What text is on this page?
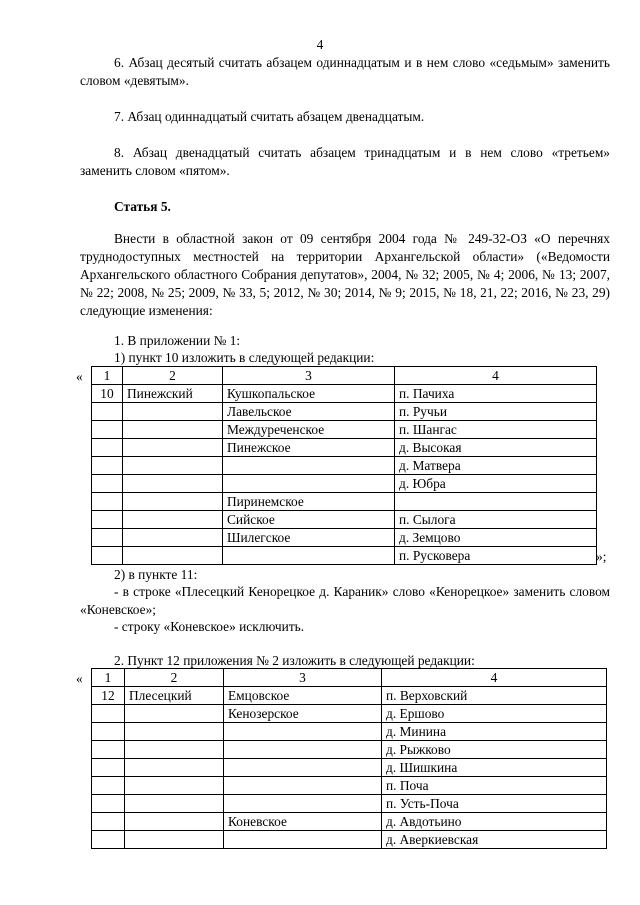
4
6. Абзац десятый считать абзацем одиннадцатым и в нем слово «седьмым» заменить словом «девятым».
7. Абзац одиннадцатый считать абзацем двенадцатым.
8. Абзац двенадцатый считать абзацем тринадцатым и в нем слово «третьем» заменить словом «пятом».
Статья 5.
Внести в областной закон от 09 сентября 2004 года № 249-32-ОЗ «О перечнях труднодоступных местностей на территории Архангельской области» («Ведомости Архангельского областного Собрания депутатов», 2004, № 32; 2005, № 4; 2006, № 13; 2007, № 22; 2008, № 25; 2009, № 33, 5; 2012, № 30; 2014, № 9; 2015, № 18, 21, 22; 2016, № 23, 29) следующие изменения:
1. В приложении № 1:
1) пункт 10 изложить в следующей редакции:
« 1	2	3	4
10	Пинежский	Кушкопальское	п. Пачиха
		Лавельское	п. Ручьи
		Междуреченское	п. Шангас
		Пинежское	д. Высокая
			д. Матвера
			д. Юбра
		Пиринемское	
		Сийское	п. Сылога
		Шилегское	д. Земцово
			п. Русковера	»;
2) в пункте 11:
- в строке «Плесецкий Кенорецкое д. Караник» слово «Кенорецкое» заменить словом «Коневское»;
- строку «Коневское» исключить.
2. Пункт 12 приложения № 2 изложить в следующей редакции:
« 1	2	3	4
12	Плесецкий	Емцовское	п. Верховский
		Кенозерское	д. Ершово
			д. Минина
			д. Рыжково
			д. Шишкина
			п. Поча
			п. Усть-Поча
		Коневское	д. Авдотьино
			д. Аверкиевская
